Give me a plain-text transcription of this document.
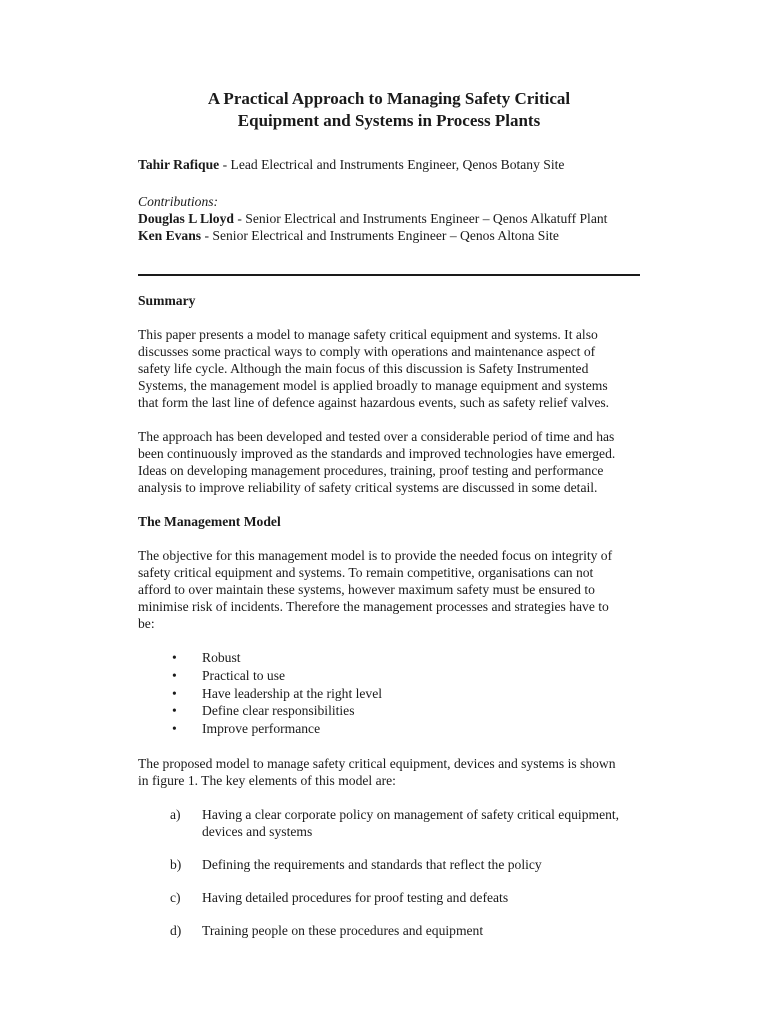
A Practical Approach to Managing Safety Critical
Equipment and Systems in Process Plants
Tahir Rafique - Lead Electrical and Instruments Engineer, Qenos Botany Site
Contributions:
Douglas L Lloyd - Senior Electrical and Instruments Engineer – Qenos Alkatuff Plant
Ken Evans - Senior Electrical and Instruments Engineer – Qenos Altona Site
Summary
This paper presents a model to manage safety critical equipment and systems. It also
discusses some practical ways to comply with operations and maintenance aspect of
safety life cycle. Although the main focus of this discussion is Safety Instrumented
Systems, the management model is applied broadly to manage equipment and systems
that form the last line of defence against hazardous events, such as safety relief valves.
The approach has been developed and tested over a considerable period of time and has
been continuously improved as the standards and improved technologies have emerged.
Ideas on developing management procedures, training, proof testing and performance
analysis to improve reliability of safety critical systems are discussed in some detail.
The Management Model
The objective for this management model is to provide the needed focus on integrity of
safety critical equipment and systems. To remain competitive, organisations can not
afford to over maintain these systems, however maximum safety must be ensured to
minimise risk of incidents. Therefore the management processes and strategies have to
be:
• Robust
• Practical to use
• Have leadership at the right level
• Define clear responsibilities
• Improve performance
The proposed model to manage safety critical equipment, devices and systems is shown
in figure 1. The key elements of this model are:
a) Having a clear corporate policy on management of safety critical equipment,
devices and systems
b) Defining the requirements and standards that reflect the policy
c) Having detailed procedures for proof testing and defeats
d) Training people on these procedures and equipment
